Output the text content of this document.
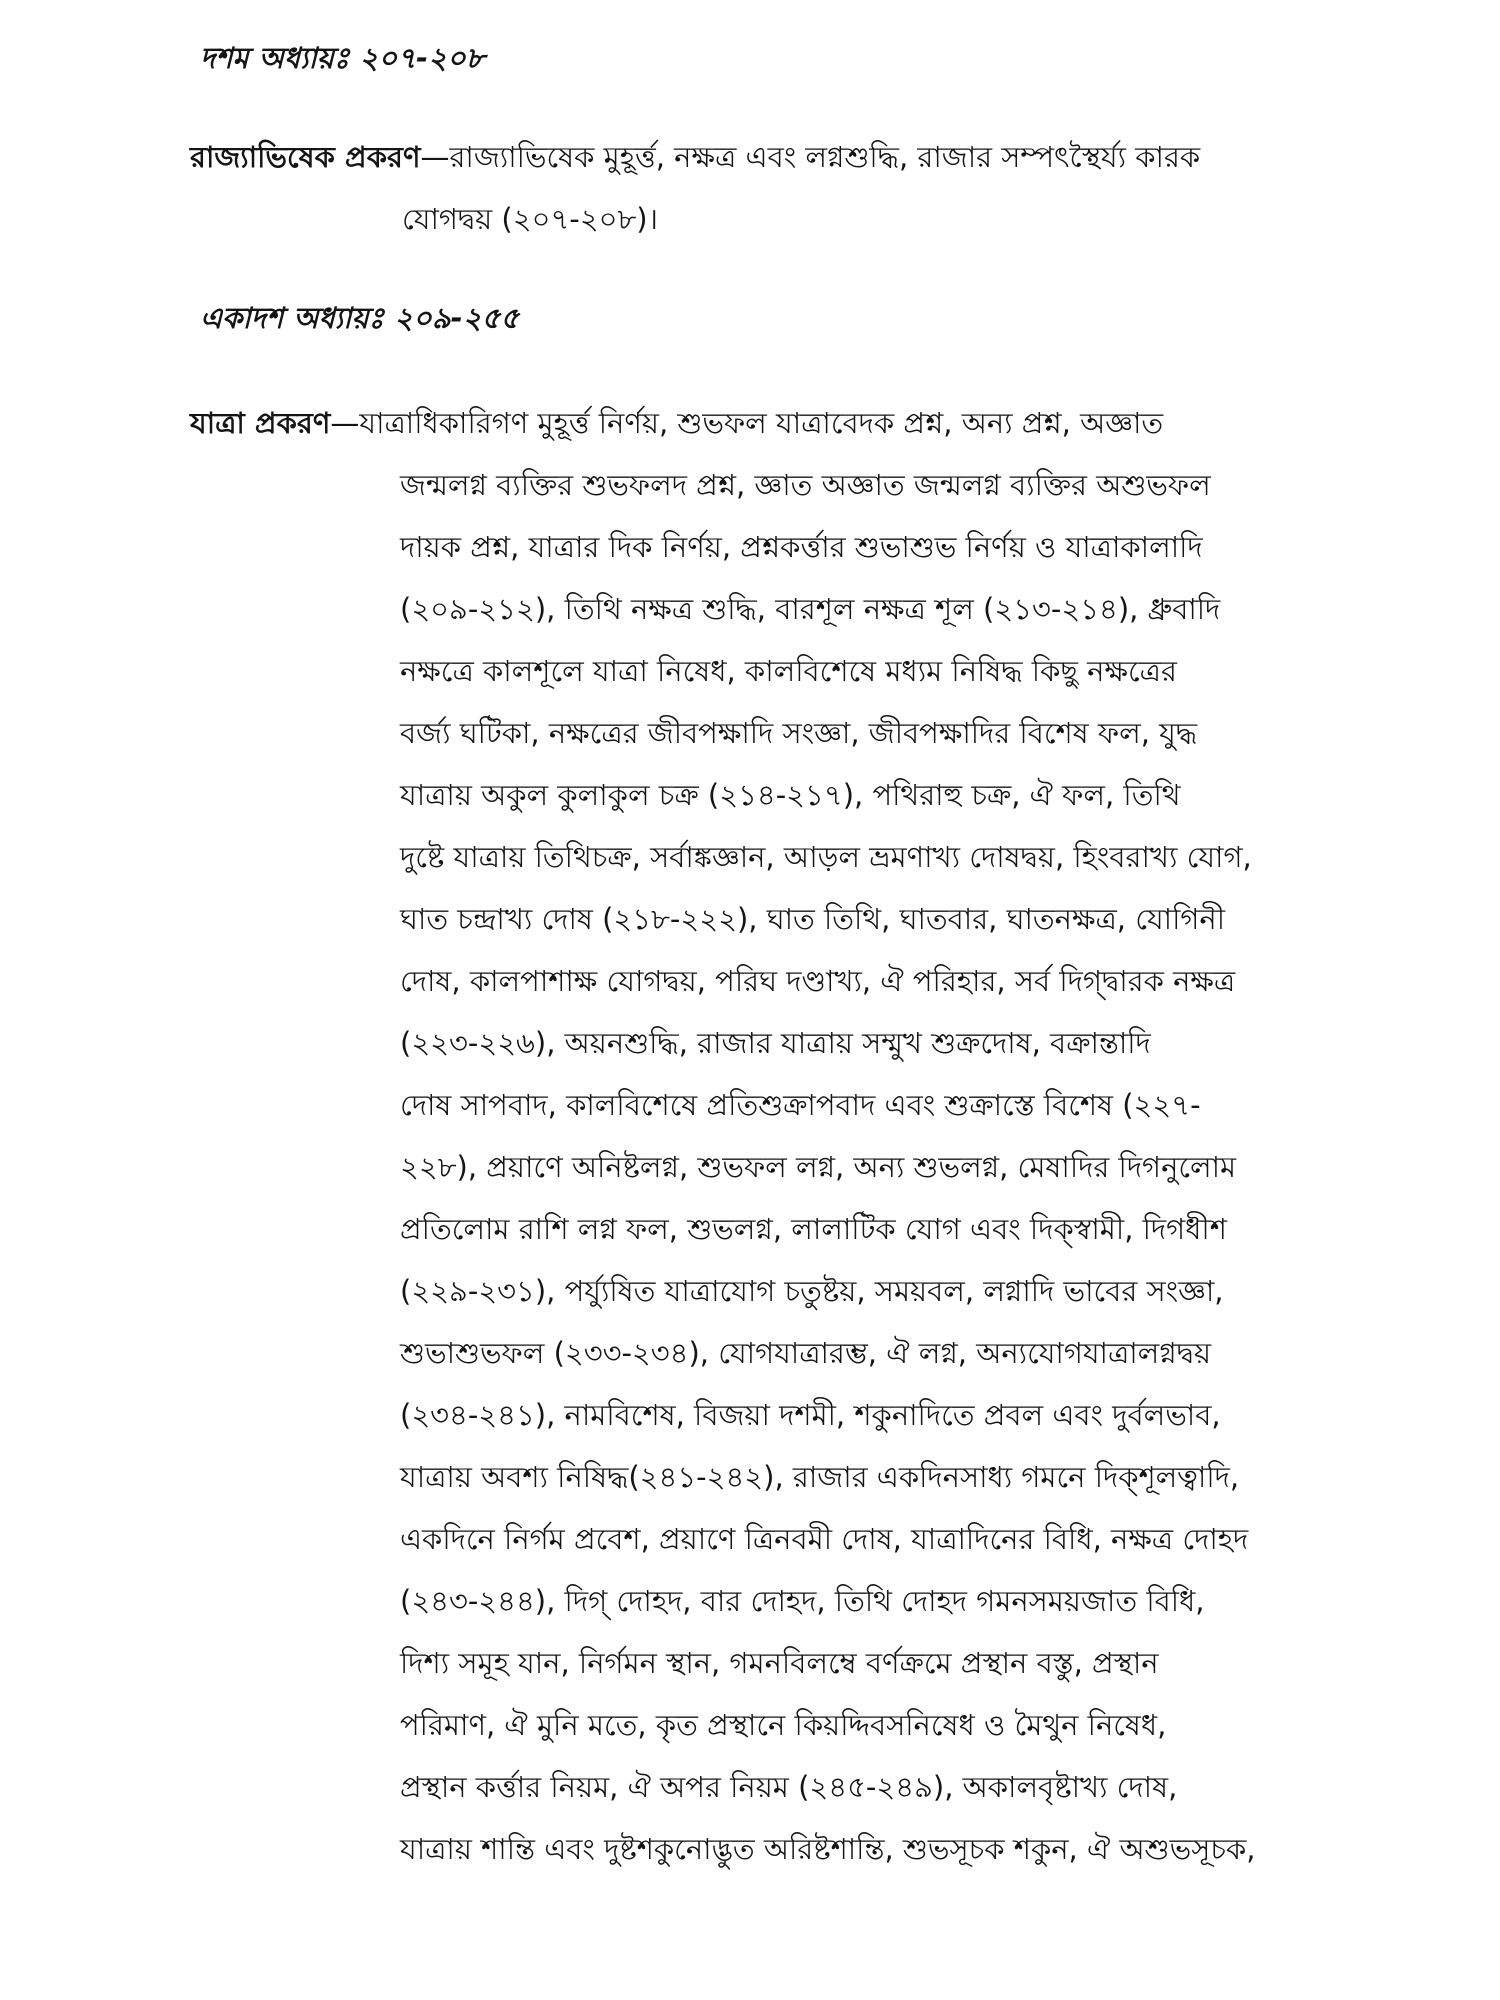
দশম অধ্যায়ঃ ২০৭-২০৮
রাজ্যাভিষেক প্রকরণ—রাজ্যাভিষেক মুহূর্ত্ত, নক্ষত্র এবং লগ্নশুদ্ধি, রাজার সম্পৎস্থৈর্য্য কারক
যোগদ্বয় (২০৭-২০৮)।
একাদশ অধ্যায়ঃ ২০৯-২৫৫
যাত্রা প্রকরণ—যাত্রাধিকারিগণ মুহূর্ত্ত নির্ণয়, শুভফল যাত্রাবেদক প্রশ্ন, অন্য প্রশ্ন, অজ্ঞাত
জন্মলগ্ন ব্যক্তির শুভফলদ প্রশ্ন, জ্ঞাত অজ্ঞাত জন্মলগ্ন ব্যক্তির অশুভফল
দায়ক প্রশ্ন, যাত্রার দিক নির্ণয়, প্রশ্নকর্ত্তার শুভাশুভ নির্ণয় ও যাত্রাকালাদি
(২০৯-২১২), তিথি নক্ষত্র শুদ্ধি, বারশূল নক্ষত্র শূল (২১৩-২১৪), ধ্রুবাদি
নক্ষত্রে কালশূলে যাত্রা নিষেধ, কালবিশেষে মধ্যম নিষিদ্ধ কিছু নক্ষত্রের
বর্জ্য ঘটিকা, নক্ষত্রের জীবপক্ষাদি সংজ্ঞা, জীবপক্ষাদির বিশেষ ফল, যুদ্ধ
যাত্রায় অকুল কুলাকুল চক্র (২১৪-২১৭), পথিরাহু চক্র, ঐ ফল, তিথি
দুষ্টে যাত্রায় তিথিচক্র, সর্বাঙ্কজ্ঞান, আড়ল ভ্রমণাখ্য দোষদ্বয়, হিংবরাখ্য যোগ,
ঘাত চন্দ্রাখ্য দোষ (২১৮-২২২), ঘাত তিথি, ঘাতবার, ঘাতনক্ষত্র, যোগিনী
দোষ, কালপাশাক্ষ যোগদ্বয়, পরিঘ দণ্ডাখ্য, ঐ পরিহার, সর্ব দিগ্‌দ্বারক নক্ষত্র
(২২৩-২২৬), অয়নশুদ্ধি, রাজার যাত্রায় সম্মুখ শুক্রদোষ, বক্রান্তাদি
দোষ সাপবাদ, কালবিশেষে প্রতিশুক্রাপবাদ এবং শুক্রাস্তে বিশেষ (২২৭-
২২৮), প্রয়াণে অনিষ্টলগ্ন, শুভফল লগ্ন, অন্য শুভলগ্ন, মেষাদির দিগনুলোম
প্রতিলোম রাশি লগ্ন ফল, শুভলগ্ন, লালাটিক যোগ এবং দিক্‌স্বামী, দিগধীশ
(২২৯-২৩১), পর্য্যুষিত যাত্রাযোগ চতুষ্টয়, সময়বল, লগ্নাদি ভাবের সংজ্ঞা,
শুভাশুভফল (২৩৩-২৩৪), যোগযাত্রারম্ভ, ঐ লগ্ন, অন্যযোগযাত্রালগ্নদ্বয়
(২৩৪-২৪১), নামবিশেষ, বিজয়া দশমী, শকুনাদিতে প্রবল এবং দুর্বলভাব,
যাত্রায় অবশ্য নিষিদ্ধ(২৪১-২৪২), রাজার একদিনসাধ্য গমনে দিক্‌শূলত্বাদি,
একদিনে নির্গম প্রবেশ, প্রয়াণে ত্রিনবমী দোষ, যাত্রাদিনের বিধি, নক্ষত্র দোহদ
(২৪৩-২৪৪), দিগ্ দোহদ, বার দোহদ, তিথি দোহদ গমনসময়জাত বিধি,
দিশ্য সমূহ যান, নির্গমন স্থান, গমনবিলম্বে বর্ণক্রমে প্রস্থান বস্তু, প্রস্থান
পরিমাণ, ঐ মুনি মতে, কৃত প্রস্থানে কিয়দ্দিবসনিষেধ ও মৈথুন নিষেধ,
প্রস্থান কর্ত্তার নিয়ম, ঐ অপর নিয়ম (২৪৫-২৪৯), অকালবৃষ্টাখ্য দোষ,
যাত্রায় শান্তি এবং দুষ্টশকুনোদ্ভুত অরিষ্টশান্তি, শুভসূচক শকুন, ঐ অশুভসূচক,
